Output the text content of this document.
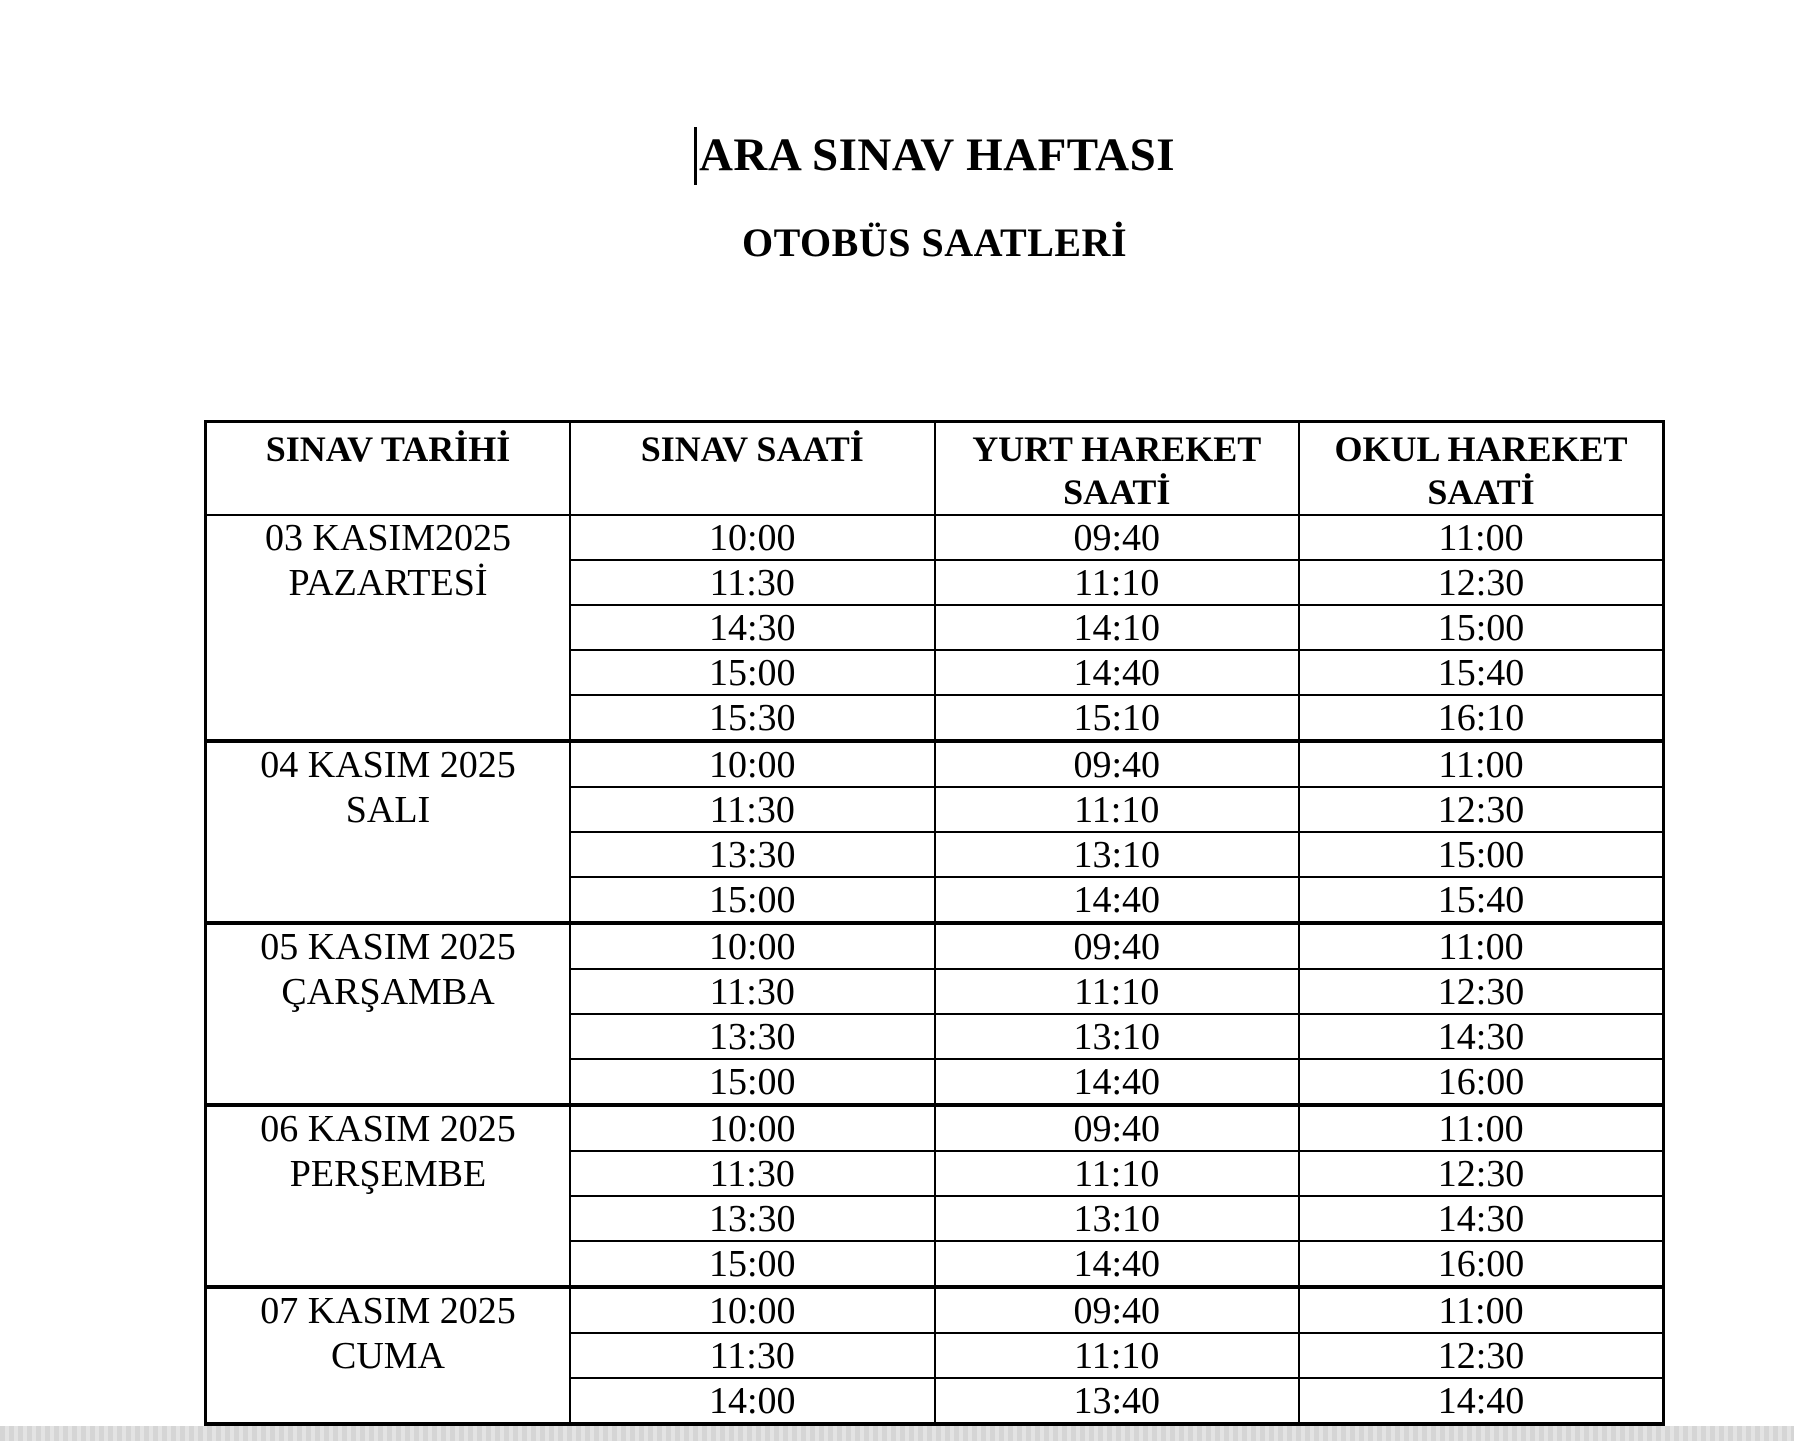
ARA SINAV HAFTASI
OTOBÜS SAATLERİ
SINAV TARİHİ	SINAV SAATİ	YURT HAREKET SAATİ	OKUL HAREKET SAATİ

03 KASIM2025
PAZARTESİ	10:00	09:40	11:00
	11:30	11:10	12:30
	14:30	14:10	15:00
	15:00	14:40	15:40
	15:30	15:10	16:10

04 KASIM 2025
SALI	10:00	09:40	11:00
	11:30	11:10	12:30
	13:30	13:10	15:00
	15:00	14:40	15:40

05 KASIM 2025
ÇARŞAMBA	10:00	09:40	11:00
	11:30	11:10	12:30
	13:30	13:10	14:30
	15:00	14:40	16:00

06 KASIM 2025
PERŞEMBE	10:00	09:40	11:00
	11:30	11:10	12:30
	13:30	13:10	14:30
	15:00	14:40	16:00

07 KASIM 2025
CUMA	10:00	09:40	11:00
	11:30	11:10	12:30
	14:00	13:40	14:40
